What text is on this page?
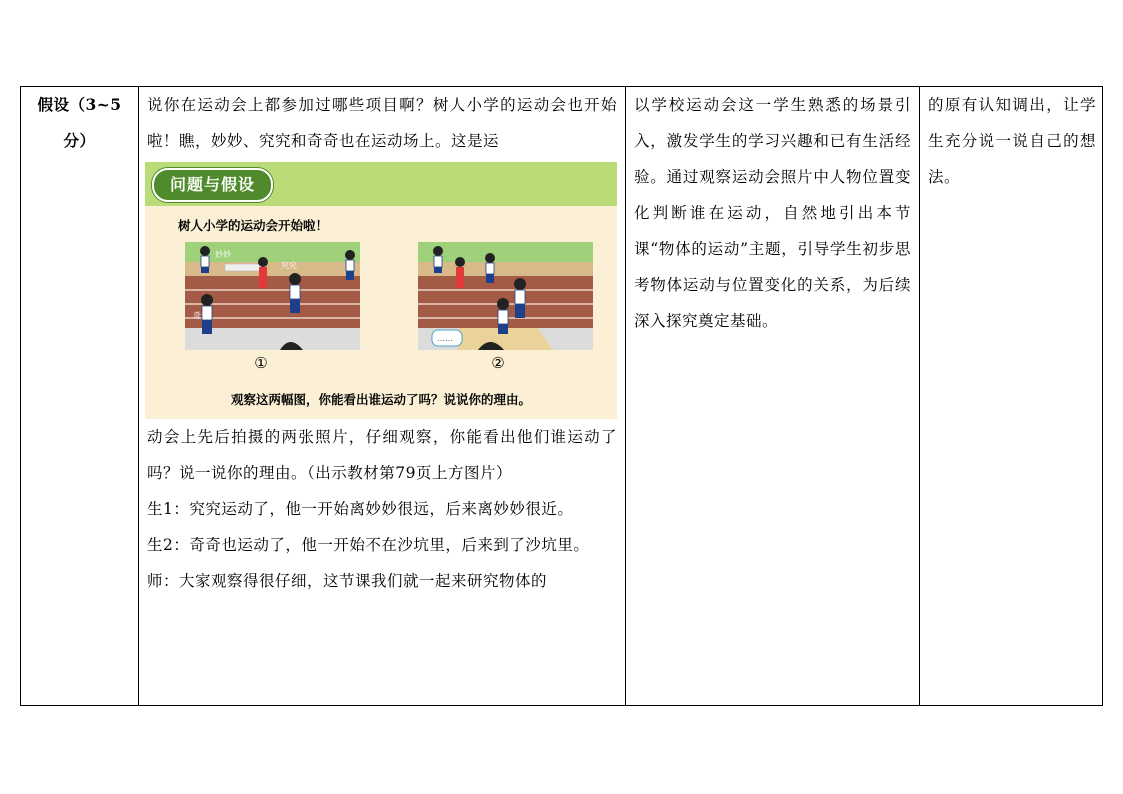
假设（3~5分）
说你在运动会上都参加过哪些项目啊？树人小学的运动会也开始啦！瞧，妙妙、究究和奇奇也在运动场上。这是运
问题与假设
树人小学的运动会开始啦！
妙妙
究究
奇奇
……
①	②
观察这两幅图，你能看出谁运动了吗？说说你的理由。
动会上先后拍摄的两张照片，仔细观察，你能看出他们谁运动了吗？说一说你的理由。（出示教材第79页上方图片）
生1：究究运动了，他一开始离妙妙很远，后来离妙妙很近。
生2：奇奇也运动了，他一开始不在沙坑里，后来到了沙坑里。
师：大家观察得很仔细，这节课我们就一起来研究物体的
以学校运动会这一学生熟悉的场景引入，激发学生的学习兴趣和已有生活经验。通过观察运动会照片中人物位置变化判断谁在运动，自然地引出本节课“物体的运动”主题，引导学生初步思考物体运动与位置变化的关系，为后续深入探究奠定基础。
的原有认知调出，让学生充分说一说自己的想法。
